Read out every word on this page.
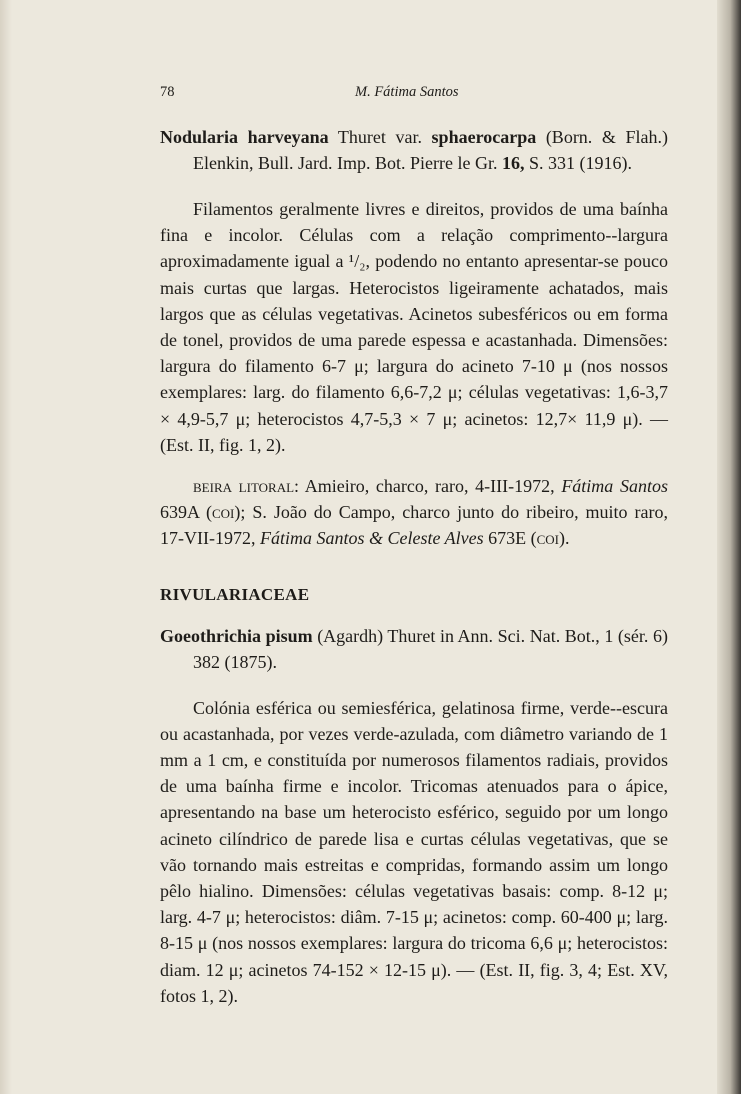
78	M. Fátima Santos

Nodularia harveyana Thuret var. sphaerocarpa (Born. & Flah.) Elenkin, Bull. Jard. Imp. Bot. Pierre le Gr. 16, S. 331 (1916).

Filamentos geralmente livres e direitos, providos de uma baínha fina e incolor. Células com a relação comprimento--largura aproximadamente igual a ¹/₂, podendo no entanto apresentar-se pouco mais curtas que largas. Heterocistos ligeiramente achatados, mais largos que as células vegetativas. Acinetos subesféricos ou em forma de tonel, providos de uma parede espessa e acastanhada. Dimensões: largura do filamento 6-7 μ; largura do acineto 7-10 μ (nos nossos exemplares: larg. do filamento 6,6-7,2 μ; células vegetativas: 1,6-3,7 × 4,9-5,7 μ; heterocistos 4,7-5,3 × 7 μ; acinetos: 12,7× 11,9 μ). — (Est. II, fig. 1, 2).

beira litoral: Amieiro, charco, raro, 4-III-1972, Fátima Santos 639A (coi); S. João do Campo, charco junto do ribeiro, muito raro, 17-VII-1972, Fátima Santos & Celeste Alves 673E (coi).

RIVULARIACEAE

Goeothrichia pisum (Agardh) Thuret in Ann. Sci. Nat. Bot., 1 (sér. 6) 382 (1875).

Colónia esférica ou semiesférica, gelatinosa firme, verde--escura ou acastanhada, por vezes verde-azulada, com diâmetro variando de 1 mm a 1 cm, e constituída por numerosos filamentos radiais, providos de uma baínha firme e incolor. Tricomas atenuados para o ápice, apresentando na base um heterocisto esférico, seguido por um longo acineto cilíndrico de parede lisa e curtas células vegetativas, que se vão tornando mais estreitas e compridas, formando assim um longo pêlo hialino. Dimensões: células vegetativas basais: comp. 8-12 μ; larg. 4-7 μ; heterocistos: diâm. 7-15 μ; acinetos: comp. 60-400 μ; larg. 8-15 μ (nos nossos exemplares: largura do tricoma 6,6 μ; heterocistos: diam. 12 μ; acinetos 74-152 × 12-15 μ). — (Est. II, fig. 3, 4; Est. XV, fotos 1, 2).
